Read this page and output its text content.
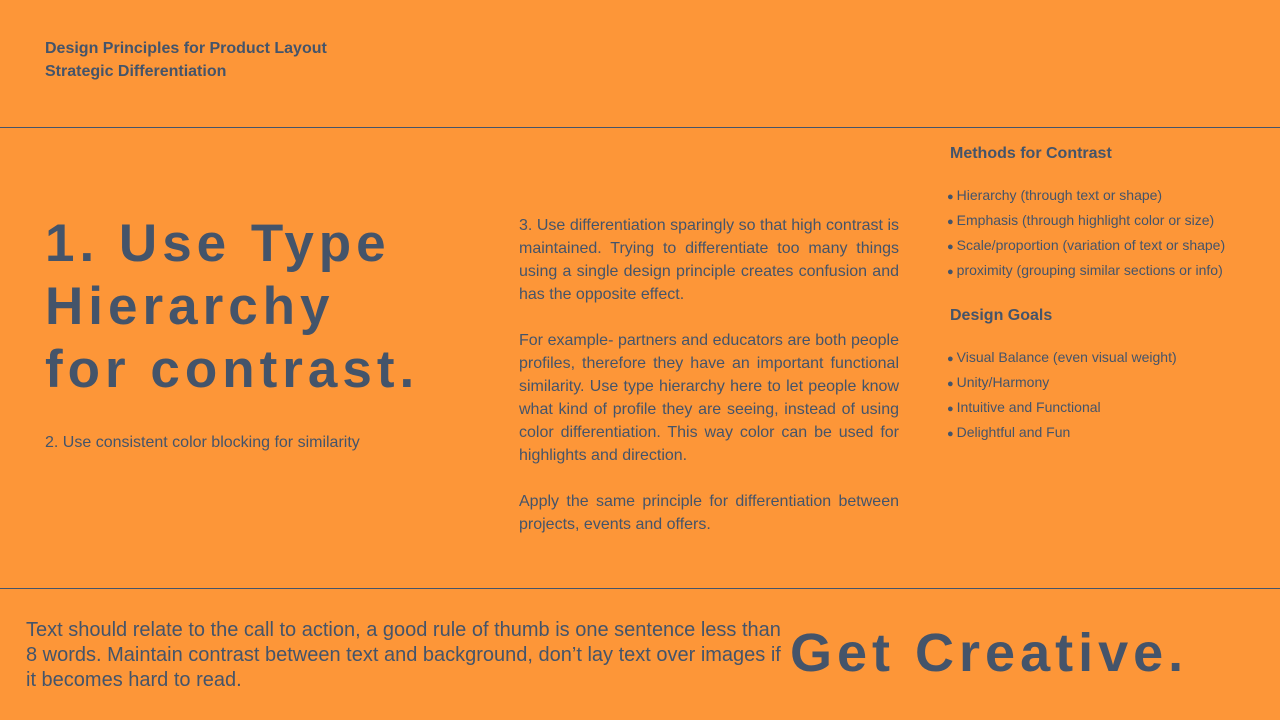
Design Principles for Product Layout
Strategic Differentiation
1. Use Type
Hierarchy
for contrast.
2. Use consistent color blocking for similarity

3. Use differentiation sparingly so that high contrast is maintained. Trying to differentiate too many things using a single design principle creates confusion and has the opposite effect.

For example- partners and educators are both people profiles, therefore they have an important functional similarity. Use type hierarchy here to let people know what kind of profile they are seeing, instead of using color differentiation. This way color can be used for highlights and direction.

Apply the same principle for differentiation between projects, events and offers.

Methods for Contrast
● Hierarchy (through text or shape)
● Emphasis (through highlight color or size)
● Scale/proportion (variation of text or shape)
● proximity (grouping similar sections or info)
Design Goals
● Visual Balance (even visual weight)
● Unity/Harmony
● Intuitive and Functional
● Delightful and Fun
Text should relate to the call to action, a good rule of thumb is one sentence less than 8 words. Maintain contrast between text and background, don’t lay text over images if it becomes hard to read.	Get Creative.
